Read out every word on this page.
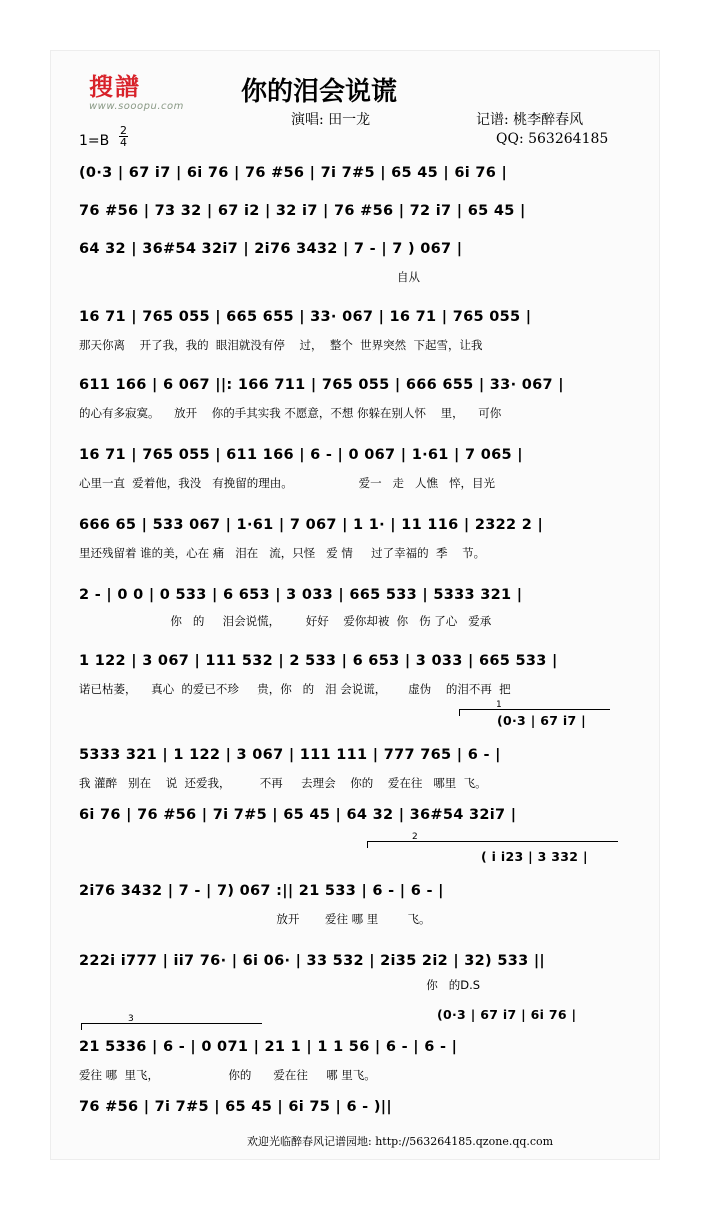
搜譜
www.sooopu.com 你的泪会说谎
演唱: 田一龙	记谱: 桃李醉春风
QQ: 563264185
1=B
2
4
(0·3 | 67 i7 | 6i 76 | 76 #56 | 7i 7#5 | 65 45 | 6i 76 |
76 #56 | 73 32 | 67 i2 | 32 i7 | 76 #56 | 72 i7 | 65 45 |
64 32 | 36#54 32i7 | 2i76 3432 | 7 - | 7 ) 067 |
自从
16 71 | 765 055 | 665 655 | 33· 067 | 16 71 | 765 055 |
那天你离    开了我，我的  眼泪就没有停    过，  整个  世界突然  下起雪，让我
611 166 | 6 067 ||: 166 711 | 765 055 | 666 655 | 33· 067 |
的心有多寂寞。    放开    你的手其实我 不愿意，不想 你躲在别人怀    里，    可你
16 71 | 765 055 | 611 166 | 6 - | 0 067 | 1·61 | 7 065 |
心里一直  爱着他，我没   有挽留的理由。                  爱一   走   人憔   悴，目光
666 65 | 533 067 | 1·61 | 7 067 | 1 1· | 11 116 | 2322 2 |
里还残留着 谁的美，心在 痛   泪在   流，只怪   爱 情     过了幸福的  季    节。
2 - | 0 0 | 0 533 | 6 653 | 3 033 | 665 533 | 5333 321 |
你   的     泪会说慌，       好好    爱你却被  你   伤 了心   爱承
1 122 | 3 067 | 111 532 | 2 533 | 6 653 | 3 033 | 665 533 |
诺已枯萎，    真心  的爱已不珍     贵，你   的   泪 会说谎，      虚伪    的泪不再  把
1
(0·3 | 67 i7 |
5333 321 | 1 122 | 3 067 | 111 111 | 777 765 | 6 - |
我 灌醉   别在    说  还爱我，        不再     去理会    你的    爱在往   哪里  飞。
6i 76 | 76 #56 | 7i 7#5 | 65 45 | 64 32 | 36#54 32i7 |
2
( i i23 | 3 332 |
2i76 3432 | 7 - | 7) 067 :|| 21 533 | 6 - | 6 - |
放开       爱往 哪 里        飞。
222i i777 | ii7 76· | 6i 06· | 33 532 | 2i35 2i2 | 32) 533 ||
你   的D.S
(0·3 | 67 i7 | 6i 76 |
3
21 5336 | 6 - | 0 071 | 21 1 | 1 1 56 | 6 - | 6 - |
爱往 哪  里飞，                   你的      爱在往     哪 里飞。
76 #56 | 7i 7#5 | 65 45 | 6i 75 | 6 - )||
欢迎光临醉春风记谱园地: http://563264185.qzone.qq.com
